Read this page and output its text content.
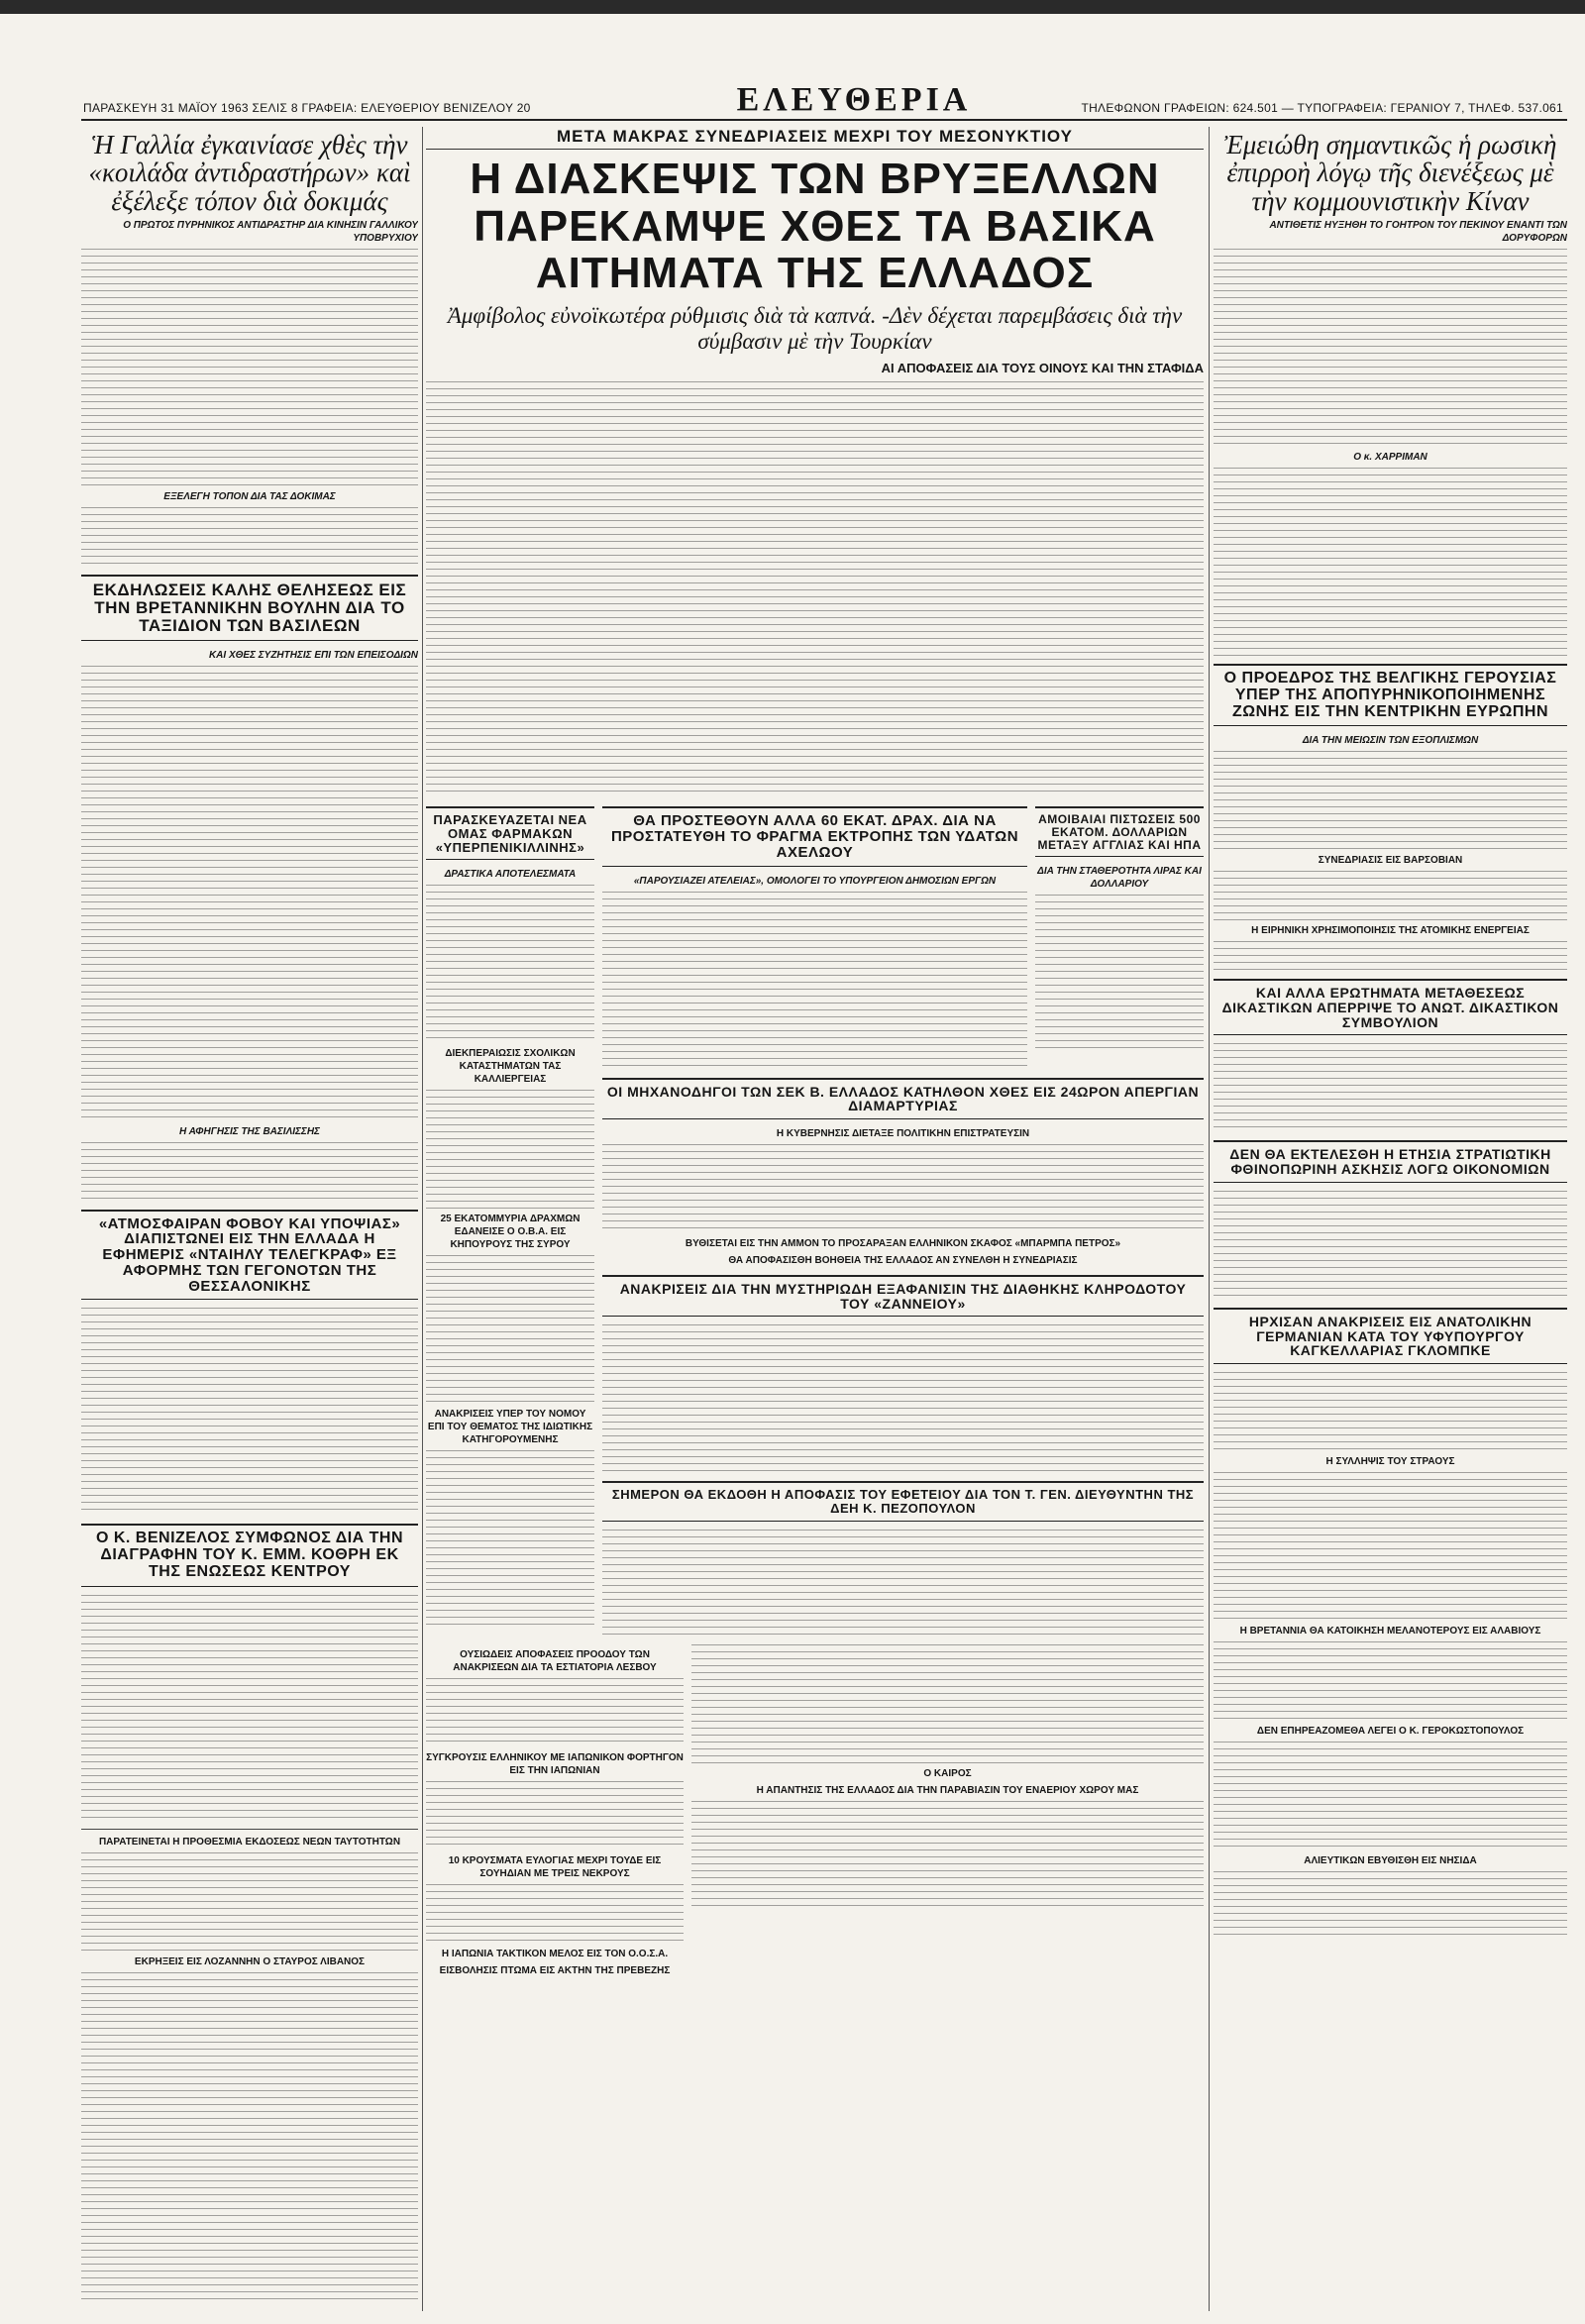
ΠΑΡΑΣΚΕΥΗ 31 ΜΑΪΟΥ 1963 ΣΕΛΙΣ 8 ΓΡΑΦΕΙΑ: ΕΛΕΥΘΕΡΙΟΥ ΒΕΝΙΖΕΛΟΥ 20	ΕΛΕΥΘΕΡΙΑ	ΤΗΛΕΦΩΝΟΝ ΓΡΑΦΕΙΩΝ: 624.501 — ΤΥΠΟΓΡΑΦΕΙΑ: ΓΕΡΑΝΙΟΥ 7, ΤΗΛΕΦ. 537.061
Ἡ Γαλλία ἐγκαινίασε χθὲς τὴν «κοιλάδα ἀντιδραστήρων» καὶ ἐξέλεξε τόπον διὰ δοκιμάς
Ο ΠΡΩΤΟΣ ΠΥΡΗΝΙΚΟΣ ΑΝΤΙΔΡΑΣΤΗΡ ΔΙΑ ΚΙΝΗΣΙΝ ΓΑΛΛΙΚΟΥ ΥΠΟΒΡΥΧΙΟΥ
ΕΞΕΛΕΓΗ ΤΟΠΟΝ ΔΙΑ ΤΑΣ ΔΟΚΙΜΑΣ
ΕΚΔΗΛΩΣΕΙΣ ΚΑΛΗΣ ΘΕΛΗΣΕΩΣ ΕΙΣ ΤΗΝ ΒΡΕΤΑΝΝΙΚΗΝ ΒΟΥΛΗΝ ΔΙΑ ΤΟ ΤΑΞΙΔΙΟΝ ΤΩΝ ΒΑΣΙΛΕΩΝ
ΚΑΙ ΧΘΕΣ ΣΥΖΗΤΗΣΙΣ ΕΠΙ ΤΩΝ ΕΠΕΙΣΟΔΙΩΝ
Η ΑΦΗΓΗΣΙΣ ΤΗΣ ΒΑΣΙΛΙΣΣΗΣ
«ΑΤΜΟΣΦΑΙΡΑΝ ΦΟΒΟΥ ΚΑΙ ΥΠΟΨΙΑΣ» ΔΙΑΠΙΣΤΩΝΕΙ ΕΙΣ ΤΗΝ ΕΛΛΑΔΑ Η ΕΦΗΜΕΡΙΣ «ΝΤΑΙΗΛΥ ΤΕΛΕΓΚΡΑΦ» ΕΞ ΑΦΟΡΜΗΣ ΤΩΝ ΓΕΓΟΝΟΤΩΝ ΤΗΣ ΘΕΣΣΑΛΟΝΙΚΗΣ
Ο Κ. ΒΕΝΙΖΕΛΟΣ ΣΥΜΦΩΝΟΣ ΔΙΑ ΤΗΝ ΔΙΑΓΡΑΦΗΝ ΤΟΥ Κ. ΕΜΜ. ΚΟΘΡΗ ΕΚ ΤΗΣ ΕΝΩΣΕΩΣ ΚΕΝΤΡΟΥ
ΠΑΡΑΤΕΙΝΕΤΑΙ Η ΠΡΟΘΕΣΜΙΑ ΕΚΔΟΣΕΩΣ ΝΕΩΝ ΤΑΥΤΟΤΗΤΩΝ
ΕΚΡΗΞΕΙΣ ΕΙΣ ΛΟΖΑΝΝΗΝ Ο ΣΤΑΥΡΟΣ ΛΙΒΑΝΟΣ
ΜΕΤΑ ΜΑΚΡΑΣ ΣΥΝΕΔΡΙΑΣΕΙΣ ΜΕΧΡΙ ΤΟΥ ΜΕΣΟΝΥΚΤΙΟΥ
Η ΔΙΑΣΚΕΨΙΣ ΤΩΝ ΒΡΥΞΕΛΛΩΝ ΠΑΡΕΚΑΜΨΕ ΧΘΕΣ ΤΑ ΒΑΣΙΚΑ ΑΙΤΗΜΑΤΑ ΤΗΣ ΕΛΛΑΔΟΣ
Ἀμφίβολος εὐνοϊκωτέρα ρύθμισις διὰ τὰ καπνά. -Δὲν δέχεται παρεμβάσεις διὰ τὴν σύμβασιν μὲ τὴν Τουρκίαν
ΑΙ ΑΠΟΦΑΣΕΙΣ ΔΙΑ ΤΟΥΣ ΟΙΝΟΥΣ ΚΑΙ ΤΗΝ ΣΤΑΦΙΔΑ
ΠΑΡΑΣΚΕΥΑΖΕΤΑΙ ΝΕΑ ΟΜΑΣ ΦΑΡΜΑΚΩΝ «ΥΠΕΡΠΕΝΙΚΙΛΛΙΝΗΣ»
ΔΡΑΣΤΙΚΑ ΑΠΟΤΕΛΕΣΜΑΤΑ
ΔΙΕΚΠΕΡΑΙΩΣΙΣ ΣΧΟΛΙΚΩΝ ΚΑΤΑΣΤΗΜΑΤΩΝ ΤΑΣ ΚΑΛΛΙΕΡΓΕΙΑΣ
25 ΕΚΑΤΟΜΜΥΡΙΑ ΔΡΑΧΜΩΝ ΕΔΑΝΕΙΣΕ Ο Ο.Β.Α. ΕΙΣ ΚΗΠΟΥΡΟΥΣ ΤΗΣ ΣΥΡΟΥ
ΑΝΑΚΡΙΣΕΙΣ ΥΠΕΡ ΤΟΥ ΝΟΜΟΥ ΕΠΙ ΤΟΥ ΘΕΜΑΤΟΣ ΤΗΣ ΙΔΙΩΤΙΚΗΣ ΚΑΤΗΓΟΡΟΥΜΕΝΗΣ
ΘΑ ΠΡΟΣΤΕΘΟΥΝ ΑΛΛΑ 60 ΕΚΑΤ. ΔΡΑΧ. ΔΙΑ ΝΑ ΠΡΟΣΤΑΤΕΥΘΗ ΤΟ ΦΡΑΓΜΑ ΕΚΤΡΟΠΗΣ ΤΩΝ ΥΔΑΤΩΝ ΑΧΕΛΩΟΥ
«ΠΑΡΟΥΣΙΑΖΕΙ ΑΤΕΛΕΙΑΣ», ΟΜΟΛΟΓΕΙ ΤΟ ΥΠΟΥΡΓΕΙΟΝ ΔΗΜΟΣΙΩΝ ΕΡΓΩΝ
ΑΜΟΙΒΑΙΑΙ ΠΙΣΤΩΣΕΙΣ 500 ΕΚΑΤΟΜ. ΔΟΛΛΑΡΙΩΝ ΜΕΤΑΞΥ ΑΓΓΛΙΑΣ ΚΑΙ ΗΠΑ
ΔΙΑ ΤΗΝ ΣΤΑΘΕΡΟΤΗΤΑ ΛΙΡΑΣ ΚΑΙ ΔΟΛΛΑΡΙΟΥ
ΟΙ ΜΗΧΑΝΟΔΗΓΟΙ ΤΩΝ ΣΕΚ Β. ΕΛΛΑΔΟΣ ΚΑΤΗΛΘΟΝ ΧΘΕΣ ΕΙΣ 24ΩΡΟΝ ΑΠΕΡΓΙΑΝ ΔΙΑΜΑΡΤΥΡΙΑΣ
Η ΚΥΒΕΡΝΗΣΙΣ ΔΙΕΤΑΞΕ ΠΟΛΙΤΙΚΗΝ ΕΠΙΣΤΡΑΤΕΥΣΙΝ
ΒΥΘΙΣΕΤΑΙ ΕΙΣ ΤΗΝ ΑΜΜΟΝ ΤΟ ΠΡΟΣΑΡΑΞΑΝ ΕΛΛΗΝΙΚΟΝ ΣΚΑΦΟΣ «ΜΠΑΡΜΠΑ ΠΕΤΡΟΣ»
ΘΑ ΑΠΟΦΑΣΙΣΘΗ ΒΟΗΘΕΙΑ ΤΗΣ ΕΛΛΑΔΟΣ ΑΝ ΣΥΝΕΛΘΗ Η ΣΥΝΕΔΡΙΑΣΙΣ
ΑΝΑΚΡΙΣΕΙΣ ΔΙΑ ΤΗΝ ΜΥΣΤΗΡΙΩΔΗ ΕΞΑΦΑΝΙΣΙΝ ΤΗΣ ΔΙΑΘΗΚΗΣ ΚΛΗΡΟΔΟΤΟΥ ΤΟΥ «ΖΑΝΝΕΙΟΥ»
ΣΗΜΕΡΟΝ ΘΑ ΕΚΔΟΘΗ Η ΑΠΟΦΑΣΙΣ ΤΟΥ ΕΦΕΤΕΙΟΥ ΔΙΑ ΤΟΝ Τ. ΓΕΝ. ΔΙΕΥΘΥΝΤΗΝ ΤΗΣ ΔΕΗ Κ. ΠΕΖΟΠΟΥΛΟΝ
ΟΥΣΙΩΔΕΙΣ ΑΠΟΦΑΣΕΙΣ ΠΡΟΟΔΟΥ ΤΩΝ ΑΝΑΚΡΙΣΕΩΝ ΔΙΑ ΤΑ ΕΣΤΙΑΤΟΡΙΑ ΛΕΣΒΟΥ
ΣΥΓΚΡΟΥΣΙΣ ΕΛΛΗΝΙΚΟΥ ΜΕ ΙΑΠΩΝΙΚΟΝ ΦΟΡΤΗΓΟΝ ΕΙΣ ΤΗΝ ΙΑΠΩΝΙΑΝ
10 ΚΡΟΥΣΜΑΤΑ ΕΥΛΟΓΙΑΣ ΜΕΧΡΙ ΤΟΥΔΕ ΕΙΣ ΣΟΥΗΔΙΑΝ ΜΕ ΤΡΕΙΣ ΝΕΚΡΟΥΣ
Η ΙΑΠΩΝΙΑ ΤΑΚΤΙΚΟΝ ΜΕΛΟΣ ΕΙΣ ΤΟΝ Ο.Ο.Σ.Α.
ΕΙΣΒΟΛΗΣΙΣ ΠΤΩΜΑ ΕΙΣ ΑΚΤΗΝ ΤΗΣ ΠΡΕΒΕΖΗΣ
Ο ΚΑΙΡΟΣ
Η ΑΠΑΝΤΗΣΙΣ ΤΗΣ ΕΛΛΑΔΟΣ ΔΙΑ ΤΗΝ ΠΑΡΑΒΙΑΣΙΝ ΤΟΥ ΕΝΑΕΡΙΟΥ ΧΩΡΟΥ ΜΑΣ
Ἐμειώθη σημαντικῶς ἡ ρωσικὴ ἐπιρροὴ λόγῳ τῆς διενέξεως μὲ τὴν κομμουνιστικὴν Κίναν
ΑΝΤΙΘΕΤΙΣ ΗΥΞΗΘΗ ΤΟ ΓΟΗΤΡΟΝ ΤΟΥ ΠΕΚΙΝΟΥ ΕΝΑΝΤΙ ΤΩΝ ΔΟΡΥΦΟΡΩΝ
Ο κ. ΧΑΡΡΙΜΑΝ
Ο ΠΡΟΕΔΡΟΣ ΤΗΣ ΒΕΛΓΙΚΗΣ ΓΕΡΟΥΣΙΑΣ ΥΠΕΡ ΤΗΣ ΑΠΟΠΥΡΗΝΙΚΟΠΟΙΗΜΕΝΗΣ ΖΩΝΗΣ ΕΙΣ ΤΗΝ ΚΕΝΤΡΙΚΗΝ ΕΥΡΩΠΗΝ
ΔΙΑ ΤΗΝ ΜΕΙΩΣΙΝ ΤΩΝ ΕΞΟΠΛΙΣΜΩΝ
ΣΥΝΕΔΡΙΑΣΙΣ ΕΙΣ ΒΑΡΣΟΒΙΑΝ
Η ΕΙΡΗΝΙΚΗ ΧΡΗΣΙΜΟΠΟΙΗΣΙΣ ΤΗΣ ΑΤΟΜΙΚΗΣ ΕΝΕΡΓΕΙΑΣ
ΚΑΙ ΑΛΛΑ ΕΡΩΤΗΜΑΤΑ ΜΕΤΑΘΕΣΕΩΣ ΔΙΚΑΣΤΙΚΩΝ ΑΠΕΡΡΙΨΕ ΤΟ ΑΝΩΤ. ΔΙΚΑΣΤΙΚΟΝ ΣΥΜΒΟΥΛΙΟΝ
ΔΕΝ ΘΑ ΕΚΤΕΛΕΣΘΗ Η ΕΤΗΣΙΑ ΣΤΡΑΤΙΩΤΙΚΗ ΦΘΙΝΟΠΩΡΙΝΗ ΑΣΚΗΣΙΣ ΛΟΓΩ ΟΙΚΟΝΟΜΙΩΝ
ΗΡΧΙΣΑΝ ΑΝΑΚΡΙΣΕΙΣ ΕΙΣ ΑΝΑΤΟΛΙΚΗΝ ΓΕΡΜΑΝΙΑΝ ΚΑΤΑ ΤΟΥ ΥΦΥΠΟΥΡΓΟΥ ΚΑΓΚΕΛΛΑΡΙΑΣ ΓΚΛΟΜΠΚΕ
Η ΣΥΛΛΗΨΙΣ ΤΟΥ ΣΤΡΑΟΥΣ
Η ΒΡΕΤΑΝΝΙΑ ΘΑ ΚΑΤΟΙΚΗΣΗ ΜΕΛΑΝΟΤΕΡΟΥΣ ΕΙΣ ΑΛΑΒΙΟΥΣ
ΔΕΝ ΕΠΗΡΕΑΖΟΜΕΘΑ ΛΕΓΕΙ Ο Κ. ΓΕΡΟΚΩΣΤΟΠΟΥΛΟΣ
ΑΛΙΕΥΤΙΚΩΝ ΕΒΥΘΙΣΘΗ ΕΙΣ ΝΗΣΙΔΑ
